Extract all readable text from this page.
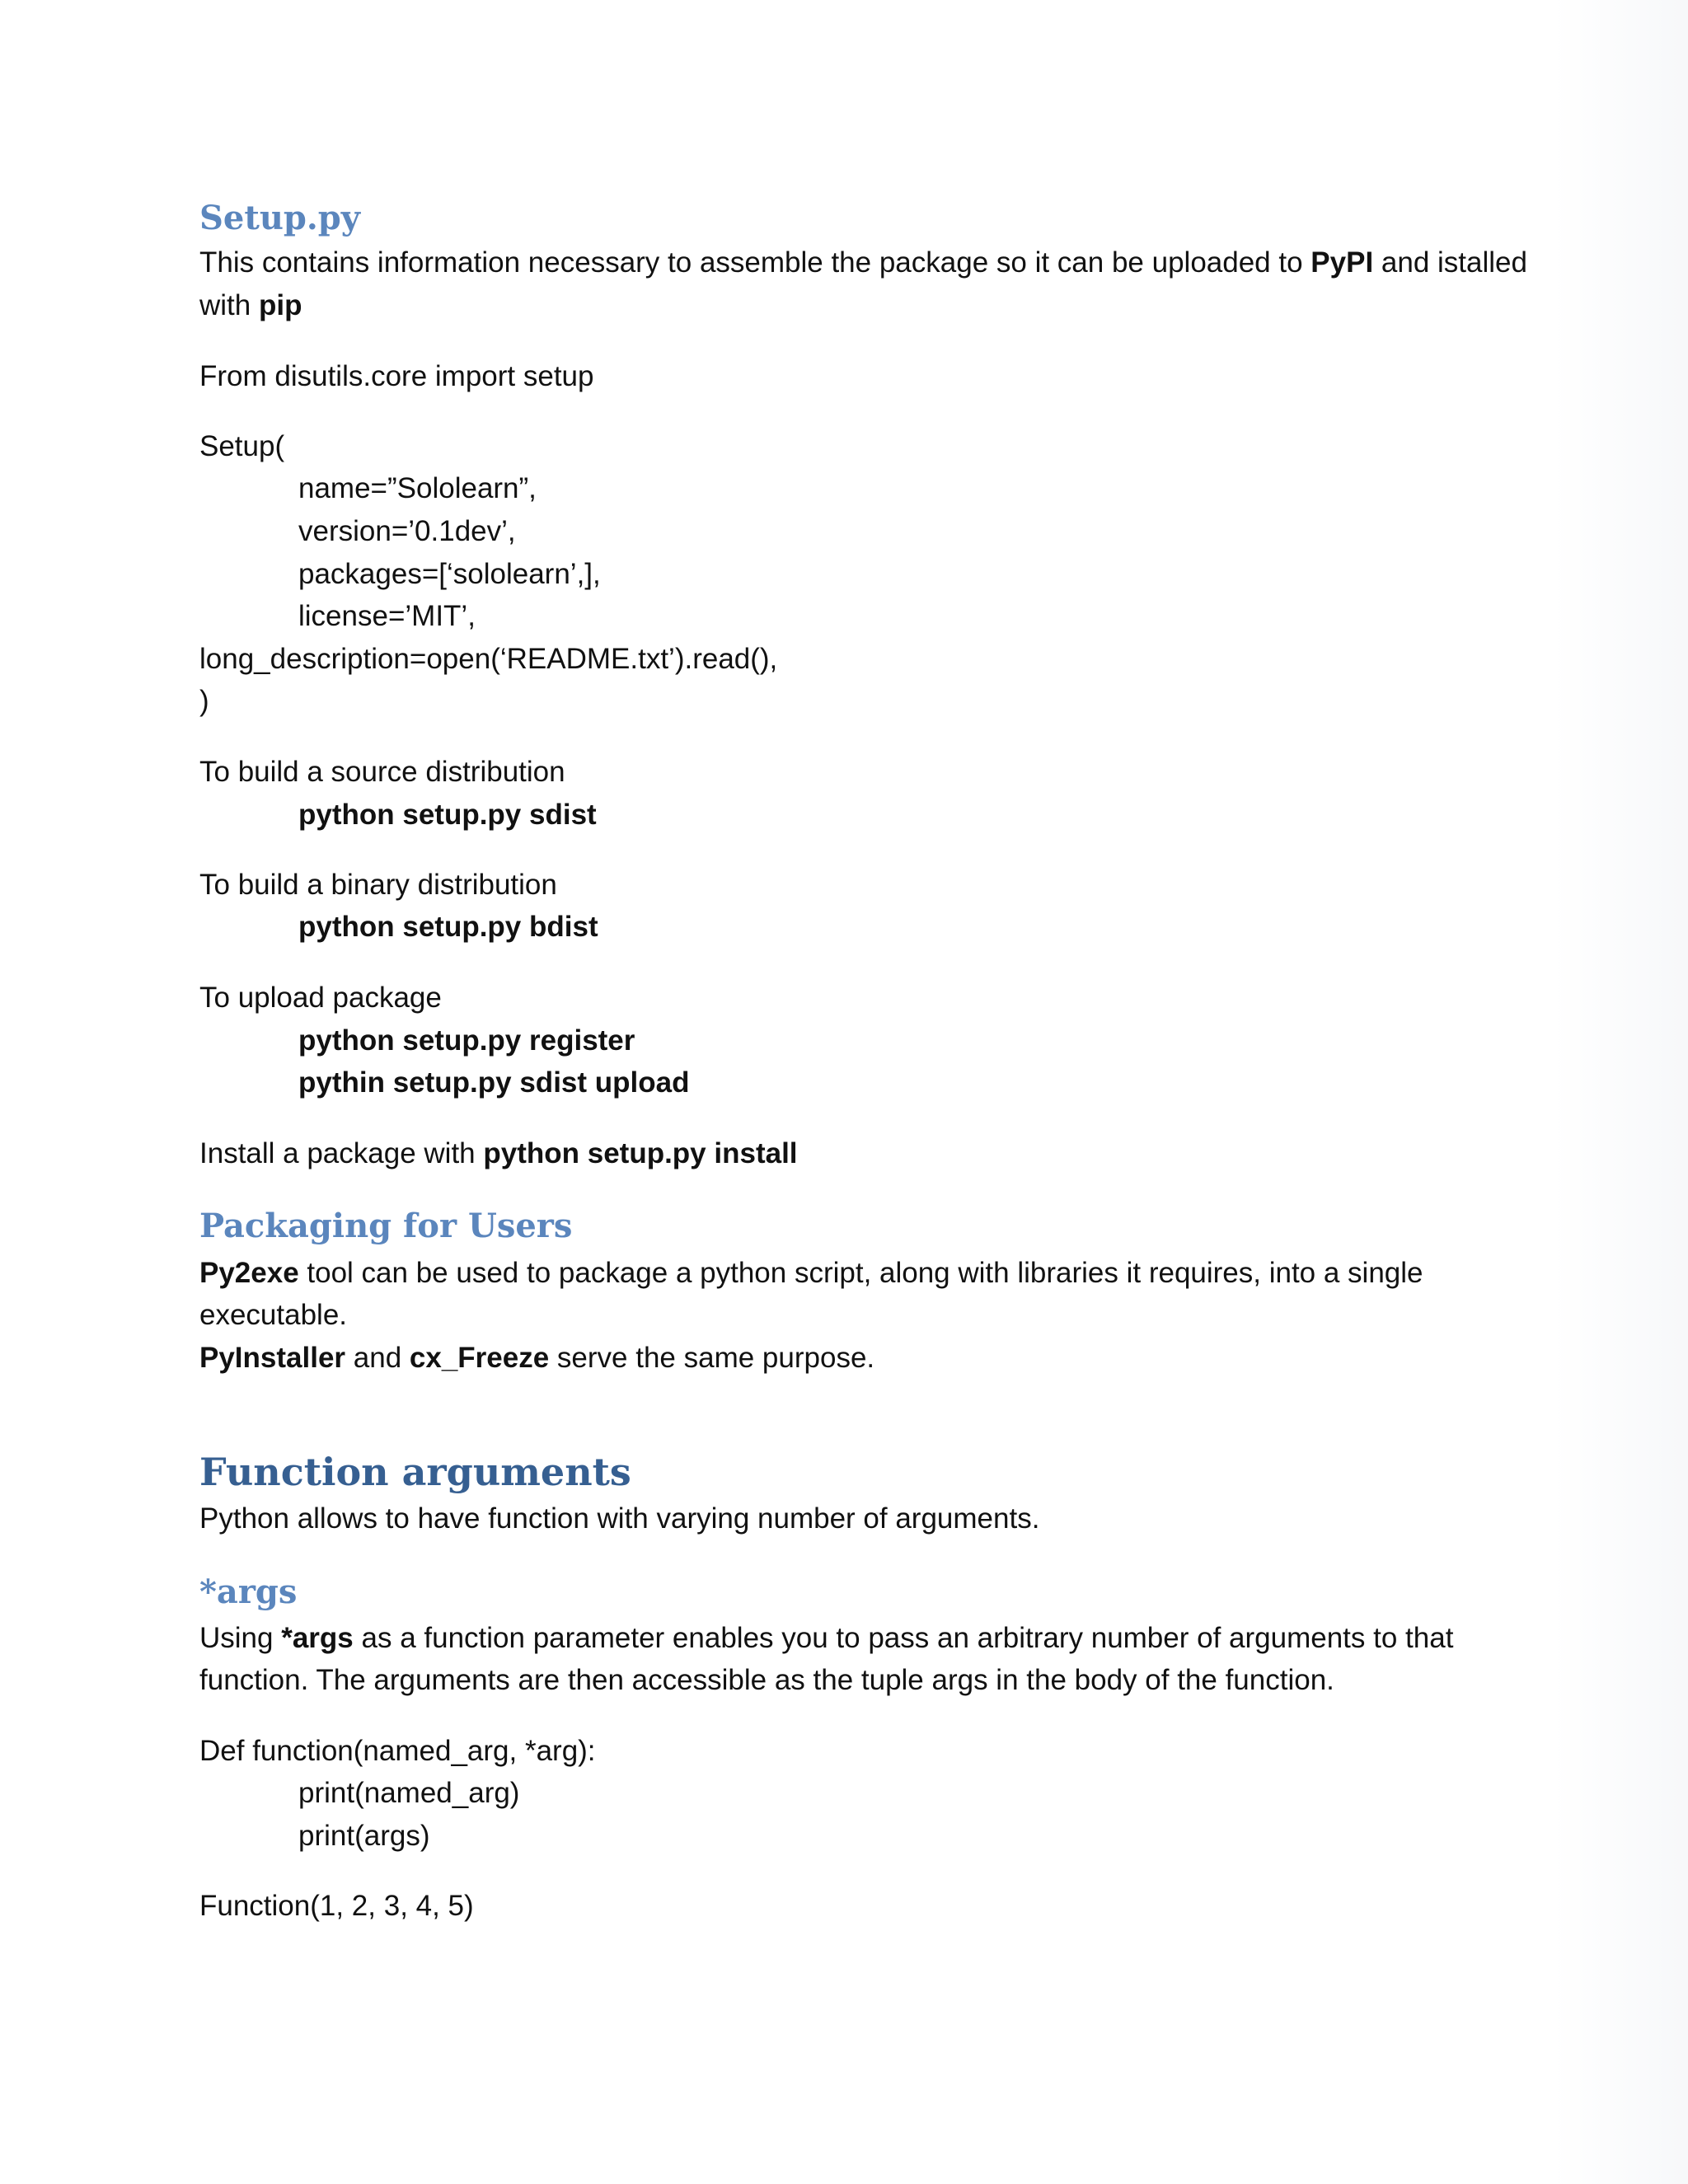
Setup.py
This contains information necessary to assemble the package so it can be uploaded to PyPI and istalled
with pip
From disutils.core import setup
Setup(
name=”Sololearn”,
version=’0.1dev’,
packages=[‘sololearn’,],
license=’MIT’,
long_description=open(‘README.txt’).read(),
)
To build a source distribution
python setup.py sdist
To build a binary distribution
python setup.py bdist
To upload package
python setup.py register
pythin setup.py sdist upload
Install a package with python setup.py install
Packaging for Users
Py2exe tool can be used to package a python script, along with libraries it requires, into a single
executable.
PyInstaller and cx_Freeze serve the same purpose.
Function arguments
Python allows to have function with varying number of arguments.
*args
Using *args as a function parameter enables you to pass an arbitrary number of arguments to that
function. The arguments are then accessible as the tuple args in the body of the function.
Def function(named_arg, *arg):
print(named_arg)
print(args)
Function(1, 2, 3, 4, 5)
